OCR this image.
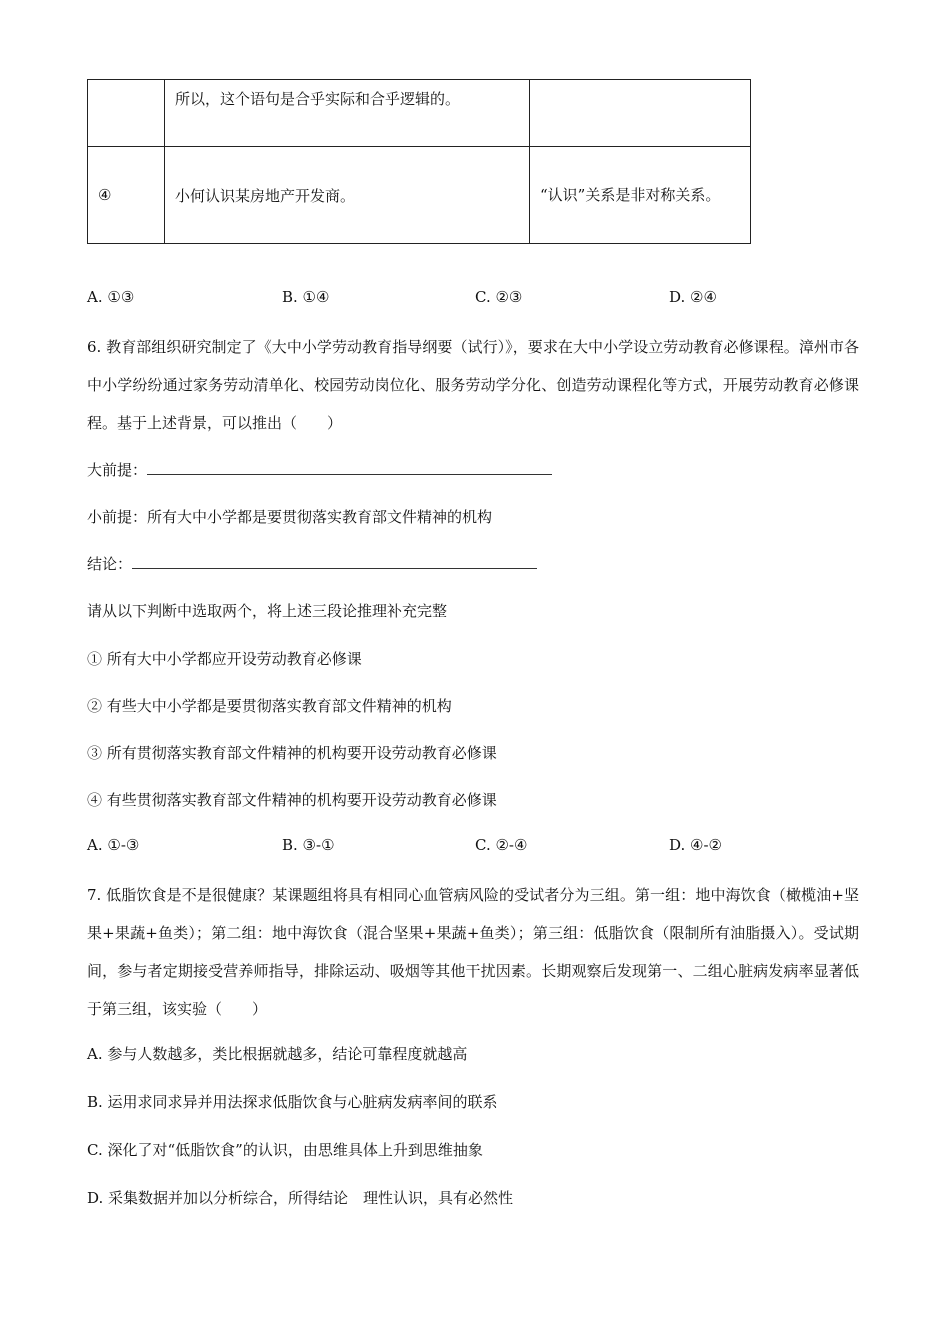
	所以，这个语句是合乎实际和合乎逻辑的。	
④	小何认识某房地产开发商。	“认识”关系是非对称关系。
A. ①③	B. ①④	C. ②③	D. ②④
6. 教育部组织研究制定了《大中小学劳动教育指导纲要（试行）》，要求在大中小学设立劳动教育必修课程。漳州市各中小学纷纷通过家务劳动清单化、校园劳动岗位化、服务劳动学分化、创造劳动课程化等方式，开展劳动教育必修课程。基于上述背景，可以推出（　　）
大前提：
小前提：所有大中小学都是要贯彻落实教育部文件精神的机构
结论：
请从以下判断中选取两个，将上述三段论推理补充完整
① 所有大中小学都应开设劳动教育必修课
② 有些大中小学都是要贯彻落实教育部文件精神的机构
③ 所有贯彻落实教育部文件精神的机构要开设劳动教育必修课
④ 有些贯彻落实教育部文件精神的机构要开设劳动教育必修课
A. ①-③	B. ③-①	C. ②-④	D. ④-②
7. 低脂饮食是不是很健康？某课题组将具有相同心血管病风险的受试者分为三组。第一组：地中海饮食（橄榄油+坚果+果蔬+鱼类）；第二组：地中海饮食（混合坚果+果蔬+鱼类）；第三组：低脂饮食（限制所有油脂摄入）。受试期间，参与者定期接受营养师指导，排除运动、吸烟等其他干扰因素。长期观察后发现第一、二组心脏病发病率显著低于第三组，该实验（　　）
A. 参与人数越多，类比根据就越多，结论可靠程度就越高
B. 运用求同求异并用法探求低脂饮食与心脏病发病率间的联系
C. 深化了对“低脂饮食”的认识，由思维具体上升到思维抽象
D. 采集数据并加以分析综合，所得结论　理性认识，具有必然性
